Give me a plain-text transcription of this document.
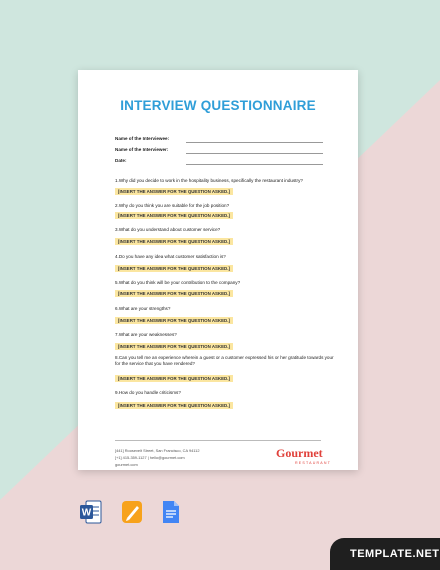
INTERVIEW QUESTIONNAIRE
Name of the Interviewee:
Name of the Interviewer:
Date:
1.Why did you decide to work in the hospitality business, specifically the restaurant industry?
[INSERT THE ANSWER FOR THE QUESTION ASKED.]
2.Why do you think you are suitable for the job position?
[INSERT THE ANSWER FOR THE QUESTION ASKED.]
3.What do you understand about customer service?
[INSERT THE ANSWER FOR THE QUESTION ASKED.]
4.Do you have any idea what customer satisfaction is?
[INSERT THE ANSWER FOR THE QUESTION ASKED.]
5.What do you think will be your contribution to the company?
[INSERT THE ANSWER FOR THE QUESTION ASKED.]
6.What are your strengths?
[INSERT THE ANSWER FOR THE QUESTION ASKED.]
7.What are your weaknesses?
[INSERT THE ANSWER FOR THE QUESTION ASKED.]
8.Can you tell me an experience wherein a guest or a customer expressed his or her gratitude towards your for the service that you have rendered?
[INSERT THE ANSWER FOR THE QUESTION ASKED.]
9.How do you handle criticisms?
[INSERT THE ANSWER FOR THE QUESTION ASKED.]
[441] Roosevelt Street, San Francisco, CA 94112
[+1] 415-359-1127 | hello@gourmet.com
gourmet.com
Gourmet
RESTAURANT
W
TEMPLATE.NET
